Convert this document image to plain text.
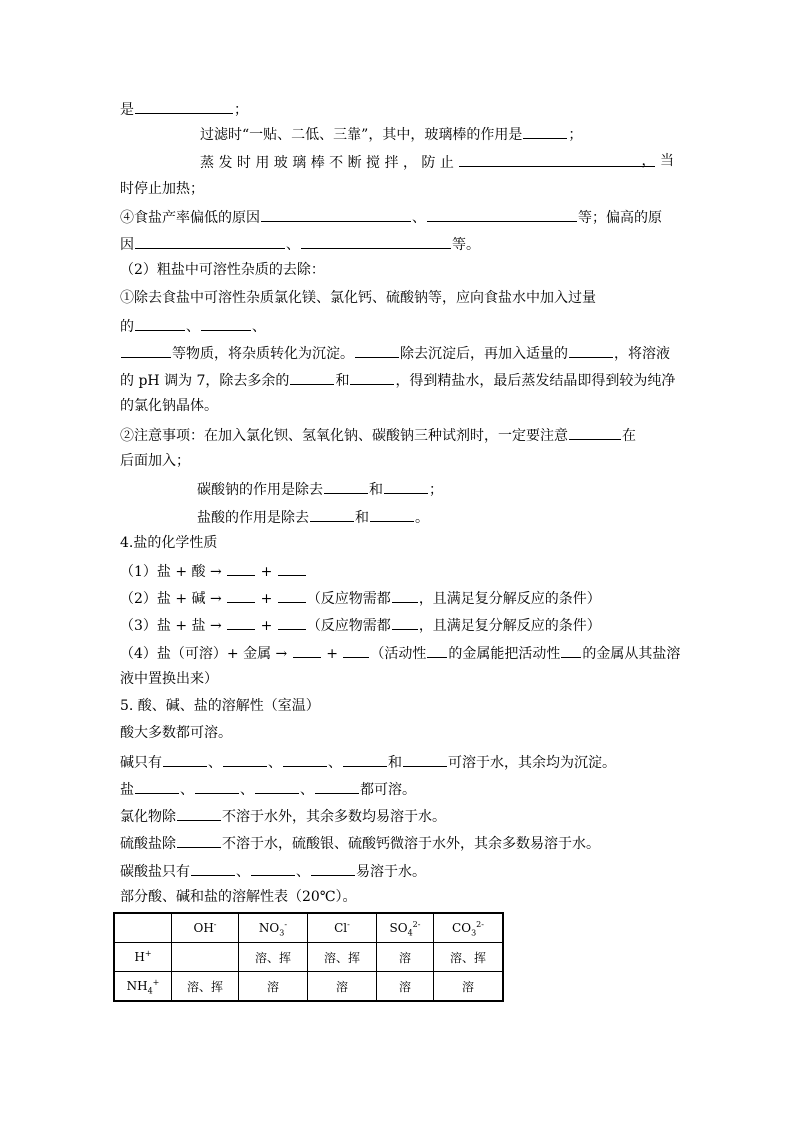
是	；
过滤时“一贴、二低、三靠”，其中，玻璃棒的作用是	；
蒸 发 时 用 玻 璃 棒 不 断 搅 拌 ， 防 止	， 当
时停止加热；
④食盐产率偏低的原因	、	等；偏高的原
因	、	等。
（2）粗盐中可溶性杂质的去除：
①除去食盐中可溶性杂质氯化镁、氯化钙、硫酸钠等，应向食盐水中加入过量
的	、	、
等物质，将杂质转化为沉淀。	除去沉淀后，再加入适量的	，将溶液
的 pH 调为 7，除去多余的	和	，得到精盐水，最后蒸发结晶即得到较为纯净
的氯化钠晶体。
②注意事项：在加入氯化钡、氢氧化钠、碳酸钠三种试剂时，一定要注意	在
后面加入；
碳酸钠的作用是除去	和	；
盐酸的作用是除去	和	。
4.盐的化学性质
（1）盐 + 酸 →	+
（2）盐 + 碱 →	+ （反应物需都 ，且满足复分解反应的条件）
（3）盐 + 盐 →	+ （反应物需都 ，且满足复分解反应的条件）
（4）盐（可溶）+ 金属 →	+ （活动性 的金属能把活动性 的金属从其盐溶
液中置换出来）
5. 酸、碱、盐的溶解性（室温）
酸大多数都可溶。
碱只有	、	、	、	和	可溶于水，其余均为沉淀。
盐	、	、	、	都可溶。
氯化物除	不溶于水外，其余多数均易溶于水。
硫酸盐除	不溶于水，硫酸银、硫酸钙微溶于水外，其余多数易溶于水。
碳酸盐只有	、	、	易溶于水。
部分酸、碱和盐的溶解性表（20℃）。
	OH-	$NO_3^-$	Cl-	$SO_4^{2-}$	$CO_3^{2-}$
H+		溶、挥	溶、挥	溶	溶、挥
$NH_4^+$	溶、挥	溶	溶	溶	溶
